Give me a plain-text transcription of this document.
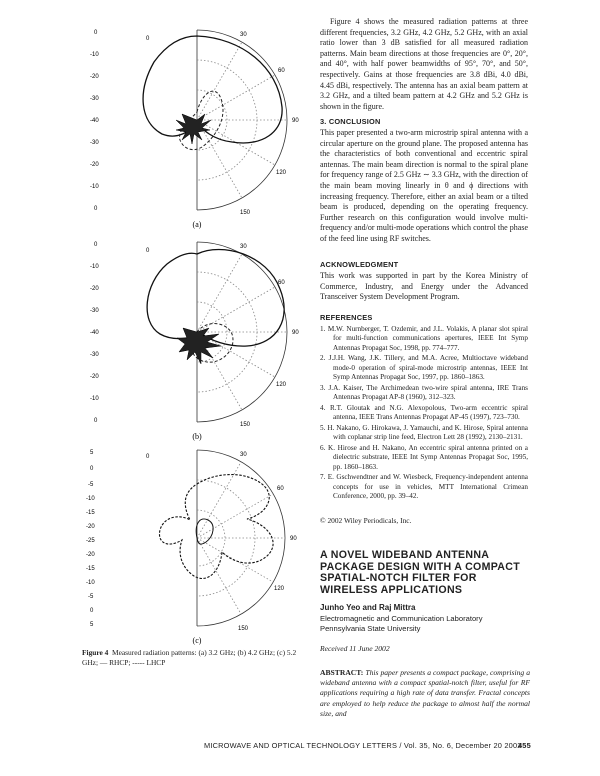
0
-10
-20
-30
-40
-30
-20
-10
0
0
30
60
90
120
150
(a)
0
-10
-20
-30
-40
-30
-20
-10
0
0
30
60
90
120
150
(b)
5
0
-5
-10
-15
-20
-25
-20
-15
-10
-5
0
5
0	30
60
90
120
150
(c)
Figure 4 Measured radiation patterns: (a) 3.2 GHz; (b) 4.2 GHz; (c) 5.2 GHz; — RHCP; ----- LHCP
Figure 4 shows the measured radiation patterns at three different frequencies, 3.2 GHz, 4.2 GHz, 5.2 GHz, with an axial ratio lower than 3 dB satisfied for all measured radiation patterns. Main beam directions at those frequencies are 0°, 20°, and 40°, with half power beamwidths of 95°, 70°, and 50°, respectively. Gains at those frequencies are 3.8 dBi, 4.0 dBi, 4.45 dBi, respectively. The antenna has an axial beam pattern at 3.2 GHz, and a tilted beam pattern at 4.2 GHz and 5.2 GHz is shown in the figure.
3. CONCLUSION
This paper presented a two-arm microstrip spiral antenna with a circular aperture on the ground plane. The proposed antenna has the characteristics of both conventional and eccentric spiral antennas. The main beam direction is normal to the spiral plane for frequency range of 2.5 GHz ∼ 3.3 GHz, with the direction of the main beam moving linearly in θ and ϕ directions with increasing frequency. Therefore, either an axial beam or a tilted beam is produced, depending on the operating frequency. Further research on this configuration would involve multi-frequency and/or multi-mode operations which control the phase of the feed line using RF switches.
ACKNOWLEDGMENT
This work was supported in part by the Korea Ministry of Commerce, Industry, and Energy under the Advanced Transceiver System Development Program.
REFERENCES
1. M.W. Nurnberger, T. Ozdemir, and J.L. Volakis, A planar slot spiral for multi-function communications apertures, IEEE Int Symp Antennas Propagat Soc, 1998, pp. 774–777.
2. J.J.H. Wang, J.K. Tillery, and M.A. Acree, Multioctave wideband mode-0 operation of spiral-mode microstrip antennas, IEEE Int Symp Antennas Propagat Soc, 1997, pp. 1860–1863.
3. J.A. Kaiser, The Archimedean two-wire spiral antenna, IRE Trans Antennas Propagat AP-8 (1960), 312–323.
4. R.T. Gloutak and N.G. Alexopolous, Two-arm eccentric spiral antenna, IEEE Trans Antennas Propagat AP-45 (1997), 723–730.
5. H. Nakano, G. Hirokawa, J. Yamauchi, and K. Hirose, Spiral antenna with coplanar strip line feed, Electron Lett 28 (1992), 2130–2131.
6. K. Hirose and H. Nakano, An eccentric spiral antenna printed on a dielectric substrate, IEEE Int Symp Antennas Propagat Soc, 1995, pp. 1860–1863.
7. E. Gschwendtner and W. Wiesbeck, Frequency-independent antenna concepts for use in vehicles, MTT International Crimean Conference, 2000, pp. 39–42.
© 2002 Wiley Periodicals, Inc.
A NOVEL WIDEBAND ANTENNA
PACKAGE DESIGN WITH A COMPACT
SPATIAL-NOTCH FILTER FOR
WIRELESS APPLICATIONS
Junho Yeo and Raj Mittra
Electromagnetic and Communication Laboratory
Pennsylvania State University
Received 11 June 2002
ABSTRACT: This paper presents a compact package, comprising a wideband antenna with a compact spatial-notch filter, useful for RF applications requiring a high rate of data transfer. Fractal concepts are employed to help reduce the package to almost half the normal size, and
MICROWAVE AND OPTICAL TECHNOLOGY LETTERS / Vol. 35, No. 6, December 20 2002
455
